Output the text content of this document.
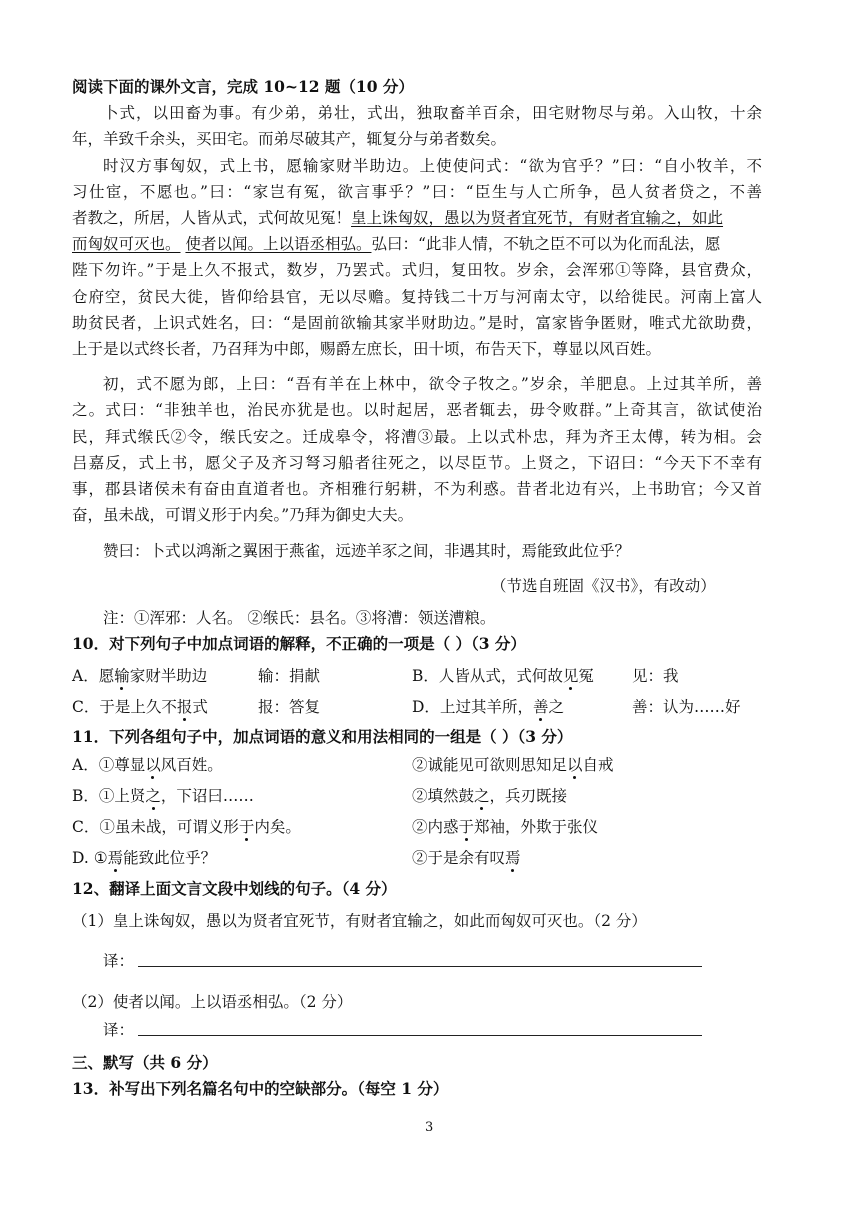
阅读下面的课外文言，完成 10~12 题（10 分）
卜式，以田畜为事。有少弟，弟壮，式出，独取畜羊百余，田宅财物尽与弟。入山牧，十余
年，羊致千余头，买田宅。而弟尽破其产，辄复分与弟者数矣。
时汉方事匈奴，式上书，愿输家财半助边。上使使问式：“欲为官乎？”曰：“自小牧羊，不
习仕宦，不愿也。”曰：“家岂有冤，欲言事乎？”曰：“臣生与人亡所争，邑人贫者贷之，不善
者教之，所居，人皆从式，式何故见冤！皇上诛匈奴，愚以为贤者宜死节，有财者宜输之，如此
而匈奴可灭也。 使者以闻。上以语丞相弘。弘曰：“此非人情，不轨之臣不可以为化而乱法，愿
陛下勿许。”于是上久不报式，数岁，乃罢式。式归，复田牧。岁余，会浑邪①等降，县官费众，
仓府空，贫民大徙，皆仰给县官，无以尽赡。复持钱二十万与河南太守，以给徙民。河南上富人
助贫民者，上识式姓名，曰：“是固前欲输其家半财助边。”是时，富家皆争匿财，唯式尤欲助费，
上于是以式终长者，乃召拜为中郎，赐爵左庶长，田十顷，布告天下，尊显以风百姓。
初，式不愿为郎，上曰：“吾有羊在上林中，欲令子牧之。”岁余，羊肥息。上过其羊所，善
之。式曰：“非独羊也，治民亦犹是也。以时起居，恶者辄去，毋令败群。”上奇其言，欲试使治
民，拜式缑氏②令，缑氏安之。迁成皋令，将漕③最。上以式朴忠，拜为齐王太傅，转为相。会
吕嘉反，式上书，愿父子及齐习弩习船者往死之，以尽臣节。上贤之，下诏曰：“今天下不幸有
事，郡县诸侯未有奋由直道者也。齐相雅行躬耕，不为利惑。昔者北边有兴，上书助官；今又首
奋，虽未战，可谓义形于内矣。”乃拜为御史大夫。
赞曰：卜式以鸿渐之翼困于燕雀，远迹羊豕之间，非遇其时，焉能致此位乎？
（节选自班固《汉书》，有改动）
注：①浑邪：人名。 ②缑氏：县名。③将漕：领送漕粮。
10．对下列句子中加点词语的解释，不正确的一项是（ ）（3 分）
A．愿输家财半助边	输：捐献	B．人皆从式，式何故见冤 见：我
C．于是上久不报式	报：答复	D．上过其羊所，善之	善：认为……好
11．下列各组句子中，加点词语的意义和用法相同的一组是（ ）（3 分）
A．①尊显以风百姓。	②诚能见可欲则思知足以自戒
B．①上贤之，下诏曰……	②填然鼓之，兵刃既接
C．①虽未战，可谓义形于内矣。	②内惑于郑袖，外欺于张仪
D. ①焉能致此位乎？	②于是余有叹焉
12、翻译上面文言文段中划线的句子。（4 分）
（1）皇上诛匈奴，愚以为贤者宜死节，有财者宜输之，如此而匈奴可灭也。（2 分）
译：
（2）使者以闻。上以语丞相弘。（2 分）
译：
三、默写（共 6 分）
13．补写出下列名篇名句中的空缺部分。（每空 1 分）
3
